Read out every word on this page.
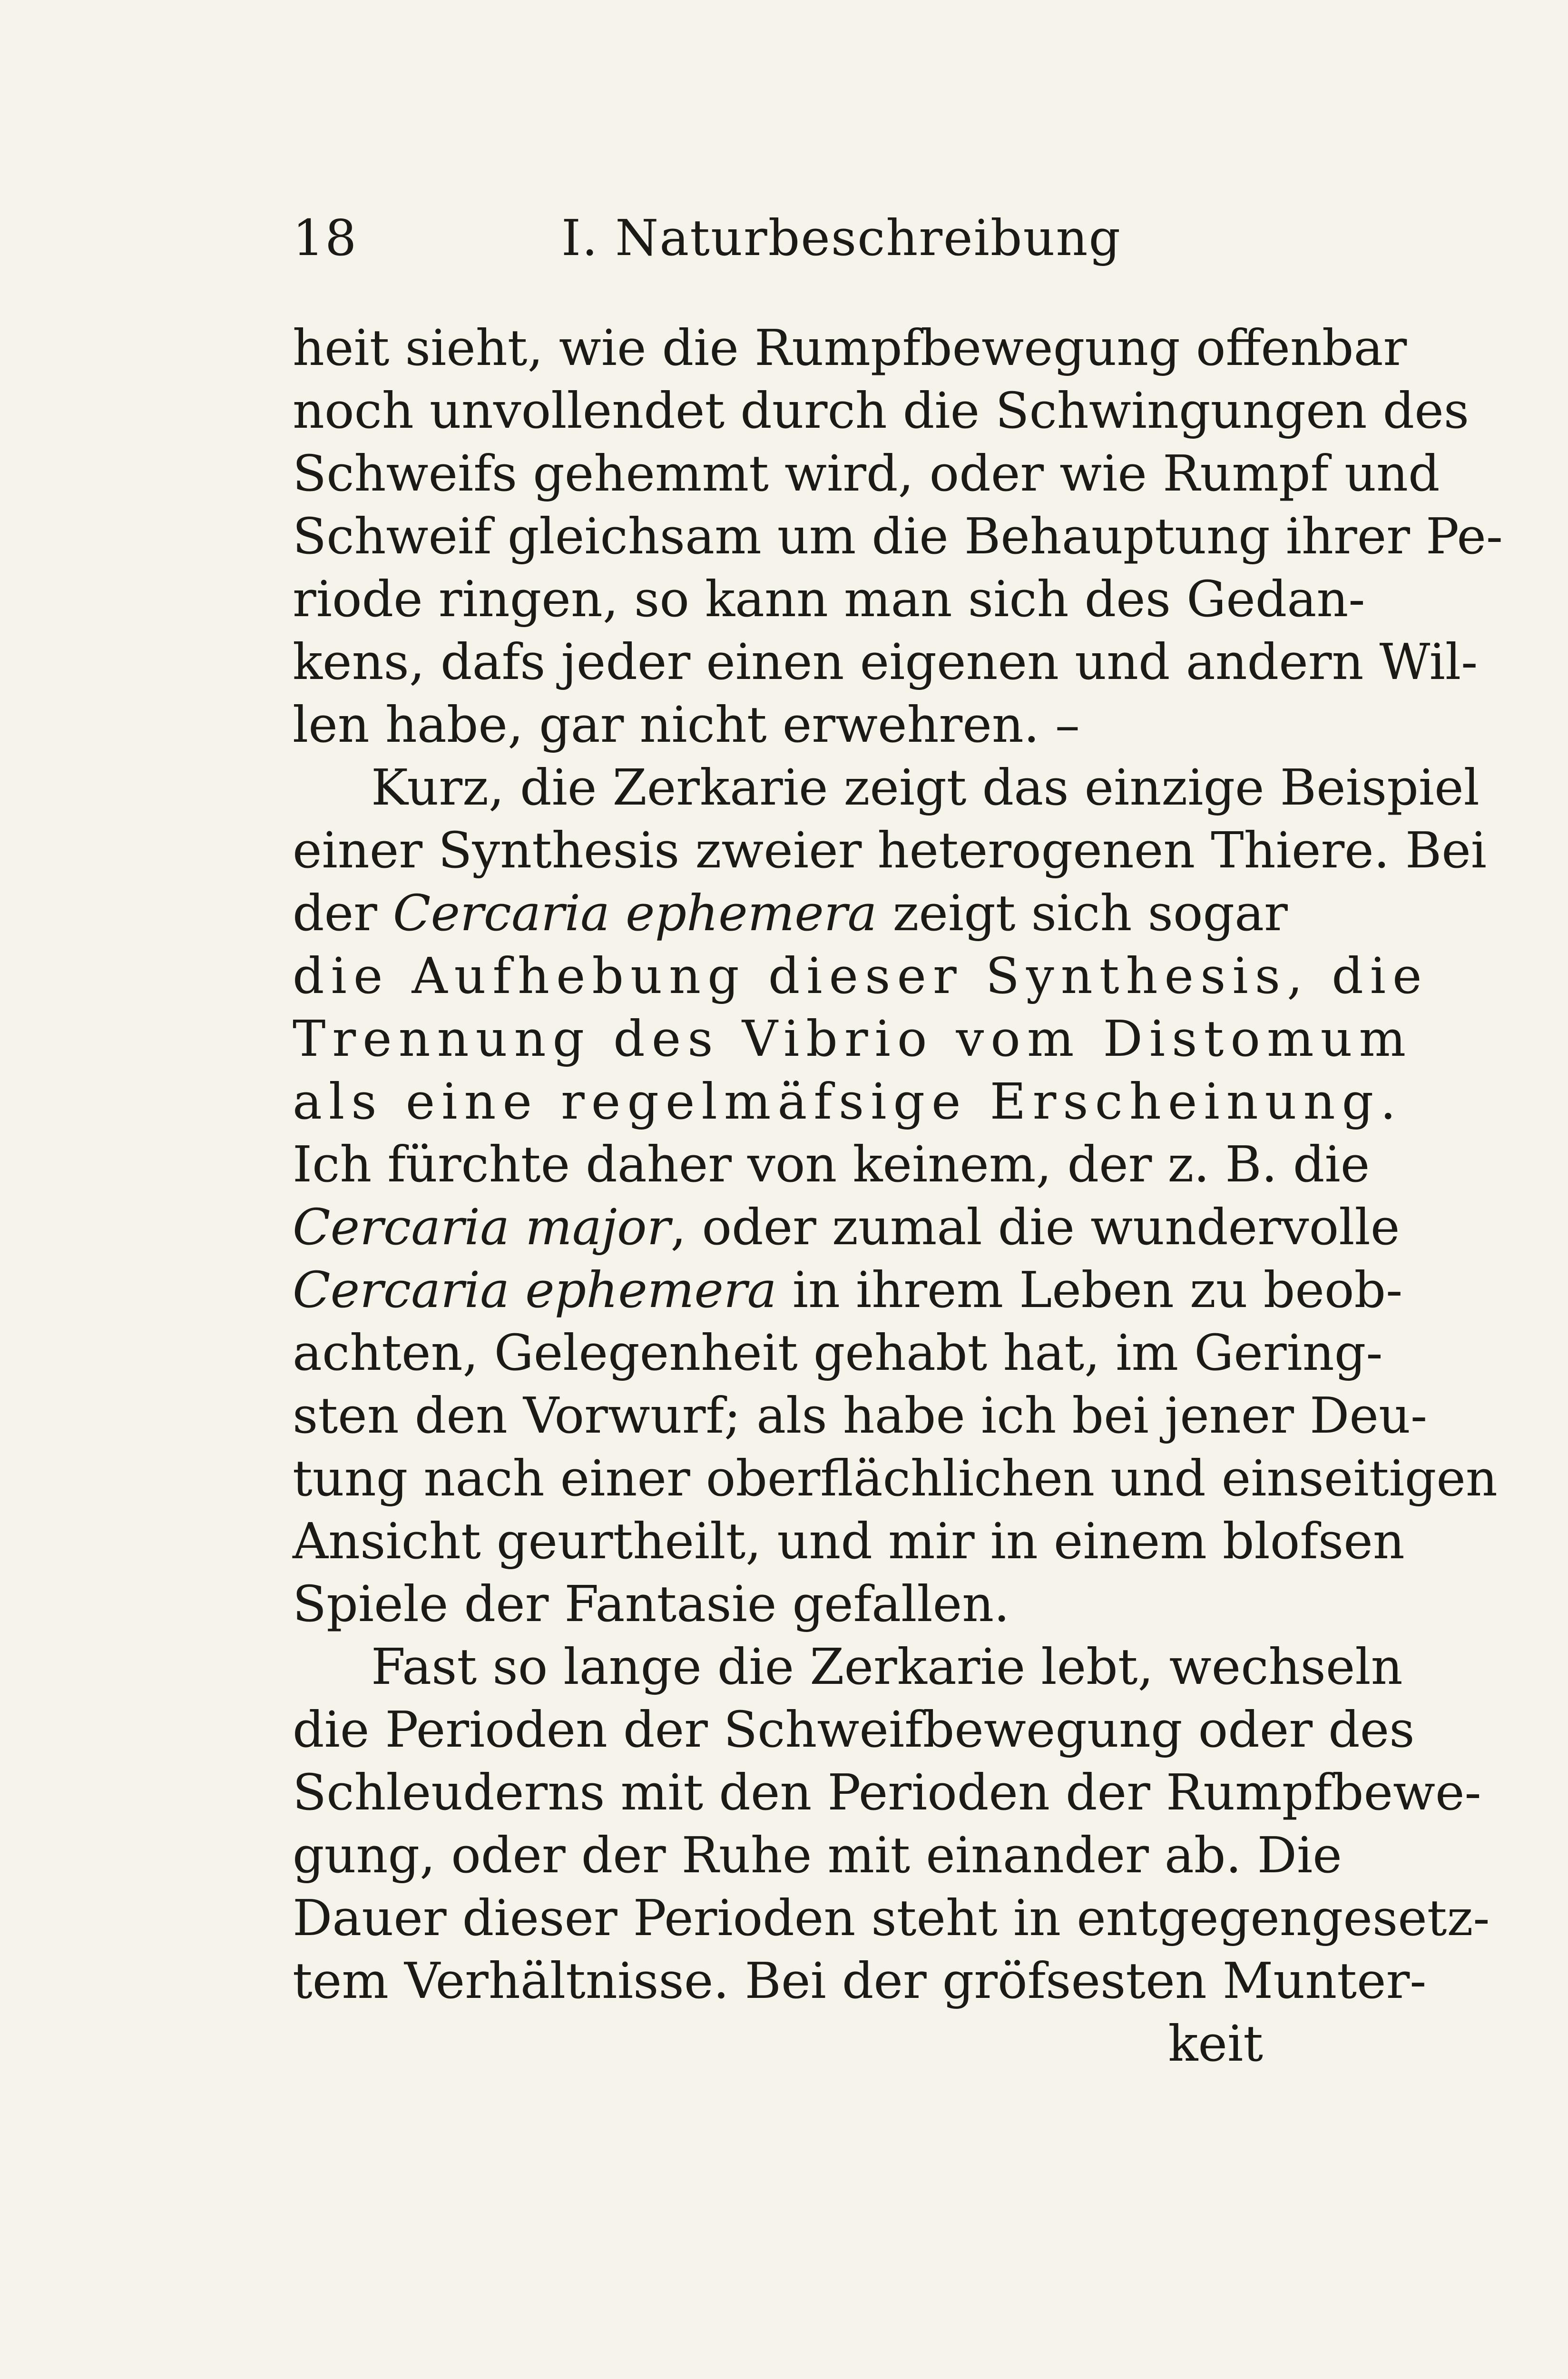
18	I. Naturbeschreibung
heit sieht, wie die Rumpfbewegung offenbar
noch unvollendet durch die Schwingungen des
Schweifs gehemmt wird, oder wie Rumpf und
Schweif gleichsam um die Behauptung ihrer Pe-
riode ringen, so kann man sich des Gedan-
kens, dafs jeder einen eigenen und andern Wil-
len habe, gar nicht erwehren. –
Kurz, die Zerkarie zeigt das einzige Beispiel
einer Synthesis zweier heterogenen Thiere. Bei
der Cercaria ephemera zeigt sich sogar
die Aufhebung dieser Synthesis, die
Trennung des Vibrio vom Distomum
als eine regelmäfsige Erscheinung.
Ich fürchte daher von keinem, der z. B. die
Cercaria major, oder zumal die wundervolle
Cercaria ephemera in ihrem Leben zu beob-
achten, Gelegenheit gehabt hat, im Gering-
sten den Vorwurf; als habe ich bei jener Deu-
tung nach einer oberflächlichen und einseitigen
Ansicht geurtheilt, und mir in einem blofsen
Spiele der Fantasie gefallen.
Fast so lange die Zerkarie lebt, wechseln
die Perioden der Schweifbewegung oder des
Schleuderns mit den Perioden der Rumpfbewe-
gung, oder der Ruhe mit einander ab. Die
Dauer dieser Perioden steht in entgegengesetz-
tem Verhältnisse. Bei der gröfsesten Munter-
keit
